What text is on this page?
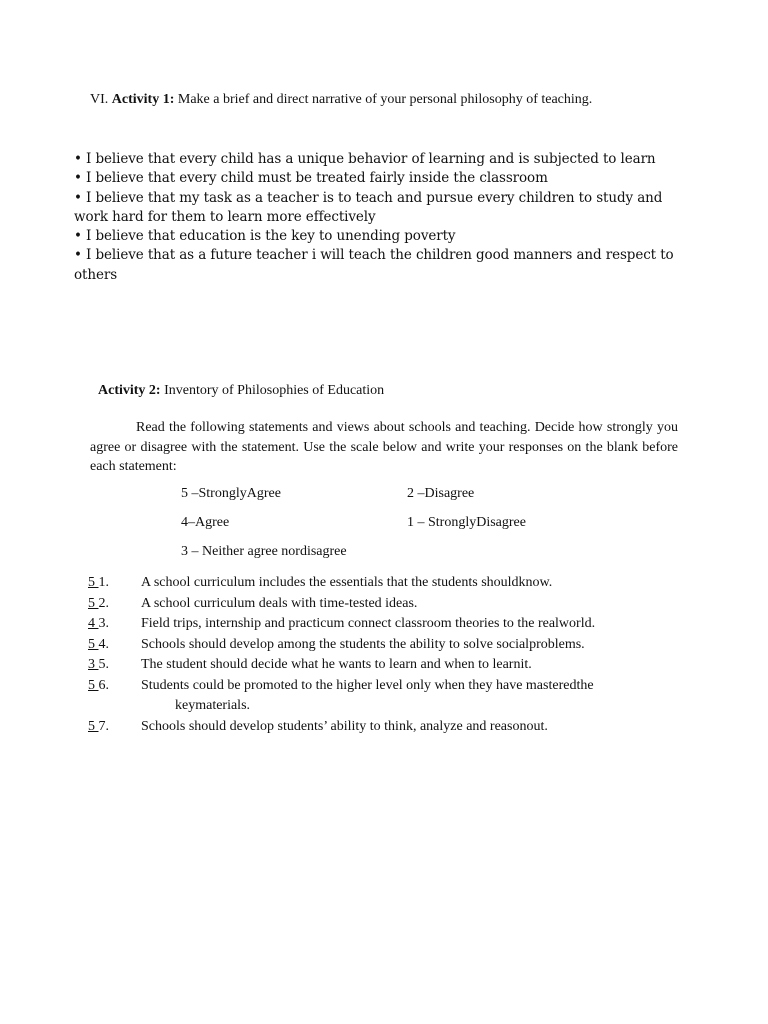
VI. Activity 1: Make a brief and direct narrative of your personal philosophy of teaching.

• I believe that every child has a unique behavior of learning and is subjected to learn

• I believe that every child must be treated fairly inside the classroom

• I believe that my task as a teacher is to teach and pursue every children to study and work hard for them to learn more effectively

• I believe that education is the key to unending poverty

• I believe that as a future teacher i will teach the children good manners and respect to others

Activity 2: Inventory of Philosophies of Education

Read the following statements and views about schools and teaching. Decide how strongly you agree or disagree with the statement. Use the scale below and write your responses on the blank before each statement:

5 –StronglyAgree	2 –Disagree
4–Agree	1 – StronglyDisagree
3 – Neither agree nordisagree
5 1. A school curriculum includes the essentials that the students shouldknow.
5 2. A school curriculum deals with time-tested ideas.
4 3. Field trips, internship and practicum connect classroom theories to the realworld.
5 4. Schools should develop among the students the ability to solve socialproblems.
3 5. The student should decide what he wants to learn and when to learnit.
5 6. Students could be promoted to the higher level only when they have masteredthe
keymaterials.
5 7. Schools should develop students’ ability to think, analyze and reasonout.
